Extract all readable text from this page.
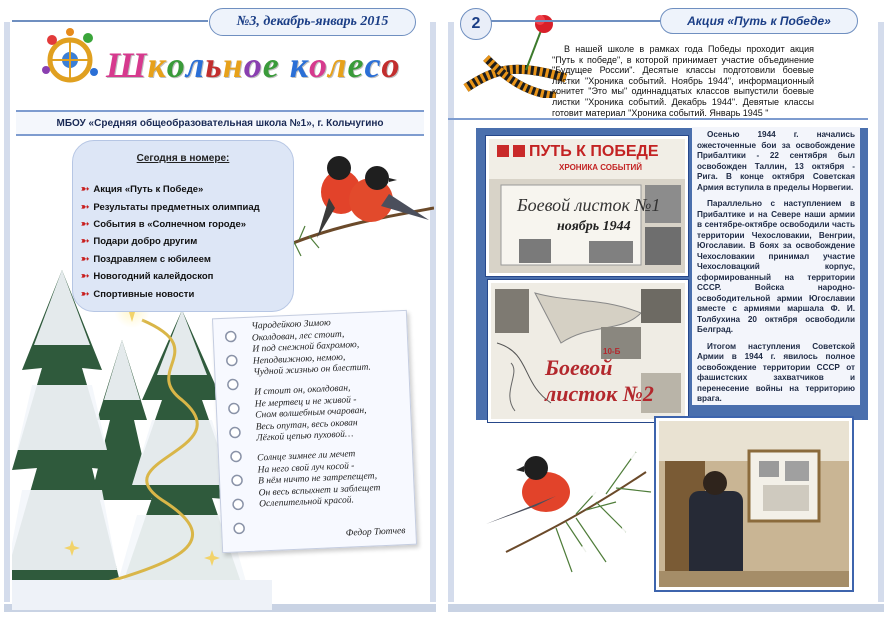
№3, декабрь-январь 2015
Школьное колесо
МБОУ «Средняя общеобразовательная школа №1», г. Кольчугино
Сегодня в номере:
➳ Акция «Путь к Победе»
➳ Результаты предметных олимпиад
➳ События в «Солнечном городе»
➳ Подари добро другим
➳ Поздравляем с юбилеем
➳ Новогодний калейдоскоп
➳ Спортивные новости
Чародейкою Зимою
Околдован, лес стоит,
И под снежной бахромою,
Неподвижною, немою,
Чудной жизнью он блестит.
И стоит он, околдован,
Не мертвец и не живой -
Сном волшебным очарован,
Весь опутан, весь окован
Лёгкой цепью пуховой…
Солнце зимнее ли мечет
На него свой луч косой -
В нём ничто не затрепещет,
Он весь вспыхнет и заблещет
Ослепительной красой.
Федор Тютчев
2	Акция «Путь к Победе»
В нашей школе в рамках года Победы проходит акция "Путь к победе", в которой принимает участие объединение "Будущее России". Десятые классы подготовили боевые листки "Хроника событий. Ноябрь 1944", информационный конитет "Это мы" одиннадцатых классов выпустили боевые листки "Хроника событий. Декабрь 1944". Девятые классы готовит материал "Хроника событий. Январь 1945 "
ПУТЬ К ПОБЕДЕ
ХРОНИКА СОБЫТИЙ
Боевой листок №1
ноябрь 1944
Боевой листок №2
10-Б

Осенью 1944 г. начались ожесточенные бои за освобождение Прибалтики - 22 сентября был освобожден Таллин, 13 октября - Рига. В конце октября Советская Армия вступила в пределы Норвегии.

Параллельно с наступлением в Прибалтике и на Севере наши армии в сентябре-октябре освободили часть территории Чехословакии, Венгрии, Югославии. В боях за освобождение Чехословакии принимал участие Чехословацкий корпус, сформированный на территории СССР. Войска народно-освободительной армии Югославии вместе с армиями маршала Ф. И. Толбухина 20 октября освободили Белград.

Итогом наступления Советской Армии в 1944 г. явилось полное освобождение территории СССР от фашистских захватчиков и перенесение войны на территорию врага.
